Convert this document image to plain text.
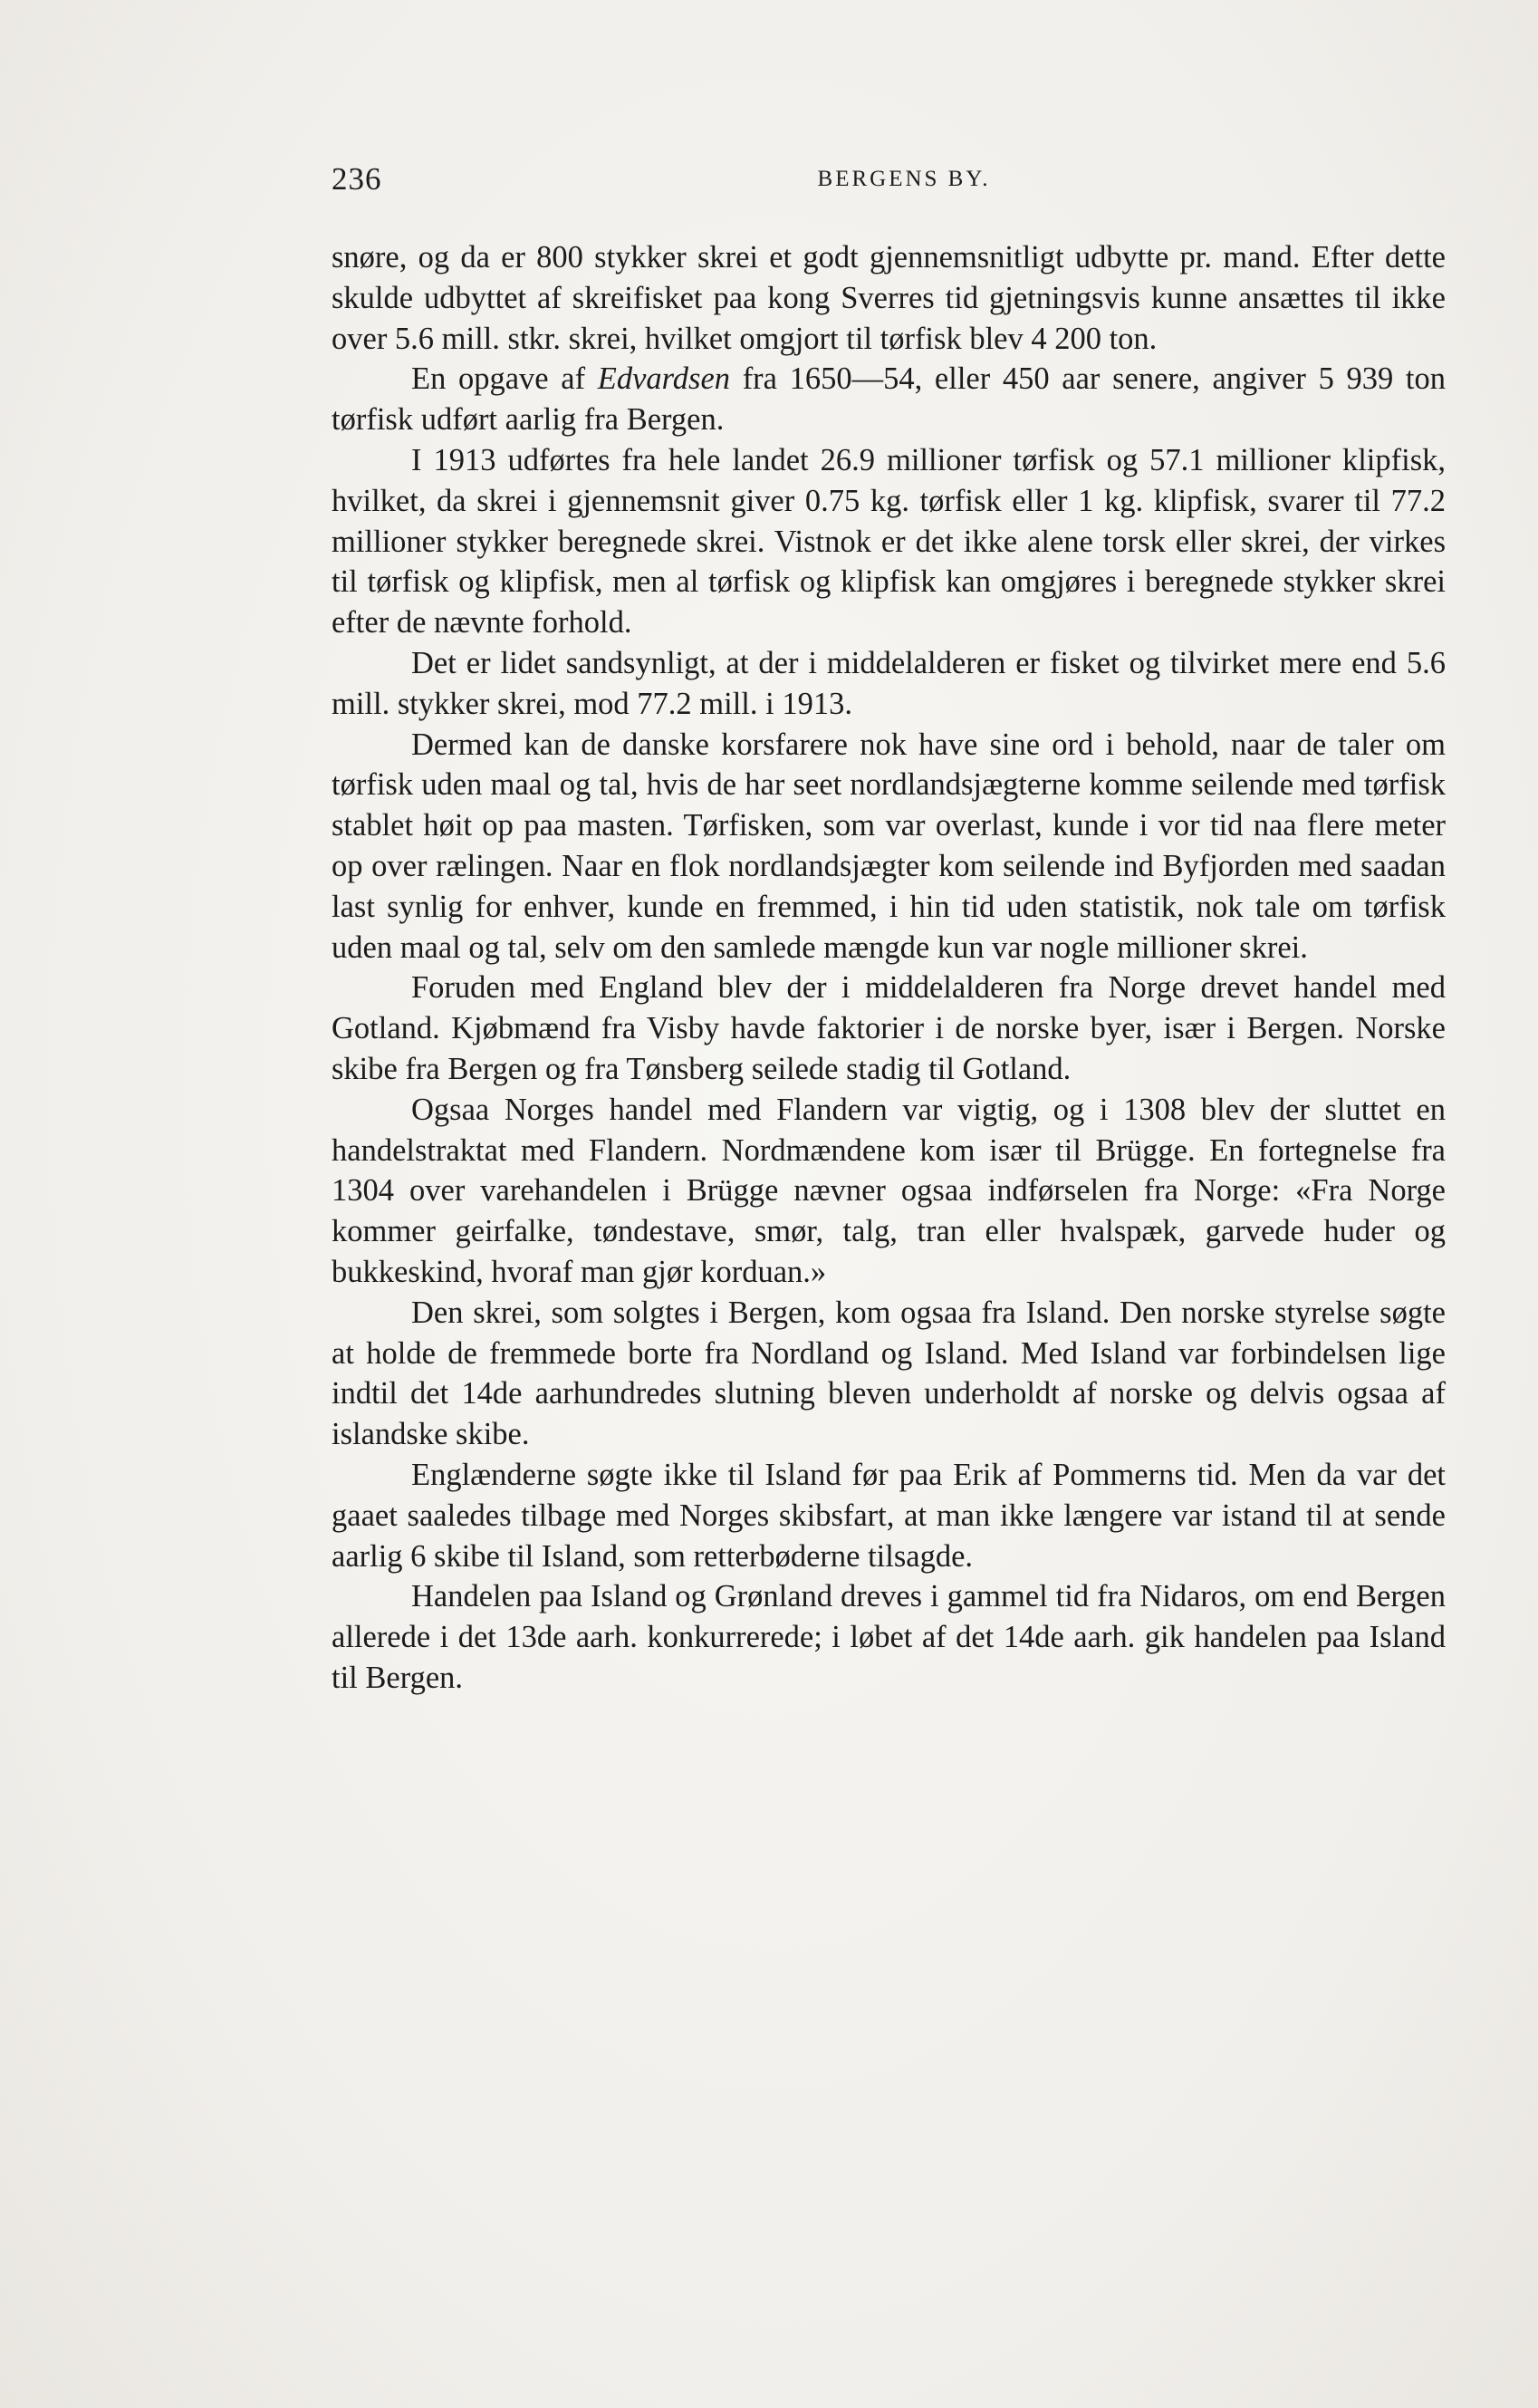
236	BERGENS BY.

snøre, og da er 800 stykker skrei et godt gjennemsnitligt udbytte pr. mand. Efter dette skulde udbyttet af skreifisket paa kong Sverres tid gjetningsvis kunne ansættes til ikke over 5.6 mill. stkr. skrei, hvilket omgjort til tørfisk blev 4 200 ton.

En opgave af Edvardsen fra 1650—54, eller 450 aar senere, angiver 5 939 ton tørfisk udført aarlig fra Bergen.

I 1913 udførtes fra hele landet 26.9 millioner tørfisk og 57.1 millioner klipfisk, hvilket, da skrei i gjennemsnit giver 0.75 kg. tørfisk eller 1 kg. klipfisk, svarer til 77.2 millioner stykker beregnede skrei. Vistnok er det ikke alene torsk eller skrei, der virkes til tørfisk og klipfisk, men al tørfisk og klipfisk kan omgjøres i beregnede stykker skrei efter de nævnte forhold.

Det er lidet sandsynligt, at der i middelalderen er fisket og tilvirket mere end 5.6 mill. stykker skrei, mod 77.2 mill. i 1913.

Dermed kan de danske korsfarere nok have sine ord i behold, naar de taler om tørfisk uden maal og tal, hvis de har seet nordlandsjægterne komme seilende med tørfisk stablet høit op paa masten. Tørfisken, som var overlast, kunde i vor tid naa flere meter op over rælingen. Naar en flok nordlandsjægter kom seilende ind Byfjorden med saadan last synlig for enhver, kunde en fremmed, i hin tid uden statistik, nok tale om tørfisk uden maal og tal, selv om den samlede mængde kun var nogle millioner skrei.

Foruden med England blev der i middelalderen fra Norge drevet handel med Gotland. Kjøbmænd fra Visby havde faktorier i de norske byer, især i Bergen. Norske skibe fra Bergen og fra Tønsberg seilede stadig til Gotland.

Ogsaa Norges handel med Flandern var vigtig, og i 1308 blev der sluttet en handelstraktat med Flandern. Nordmændene kom især til Brügge. En fortegnelse fra 1304 over varehandelen i Brügge nævner ogsaa indførselen fra Norge: «Fra Norge kommer geirfalke, tøndestave, smør, talg, tran eller hvalspæk, garvede huder og bukkeskind, hvoraf man gjør korduan.»

Den skrei, som solgtes i Bergen, kom ogsaa fra Island. Den norske styrelse søgte at holde de fremmede borte fra Nordland og Island. Med Island var forbindelsen lige indtil det 14de aarhundredes slutning bleven underholdt af norske og delvis ogsaa af islandske skibe.

Englænderne søgte ikke til Island før paa Erik af Pommerns tid. Men da var det gaaet saaledes tilbage med Norges skibsfart, at man ikke længere var istand til at sende aarlig 6 skibe til Island, som retterbøderne tilsagde.

Handelen paa Island og Grønland dreves i gammel tid fra Nidaros, om end Bergen allerede i det 13de aarh. konkurrerede; i løbet af det 14de aarh. gik handelen paa Island til Bergen.
